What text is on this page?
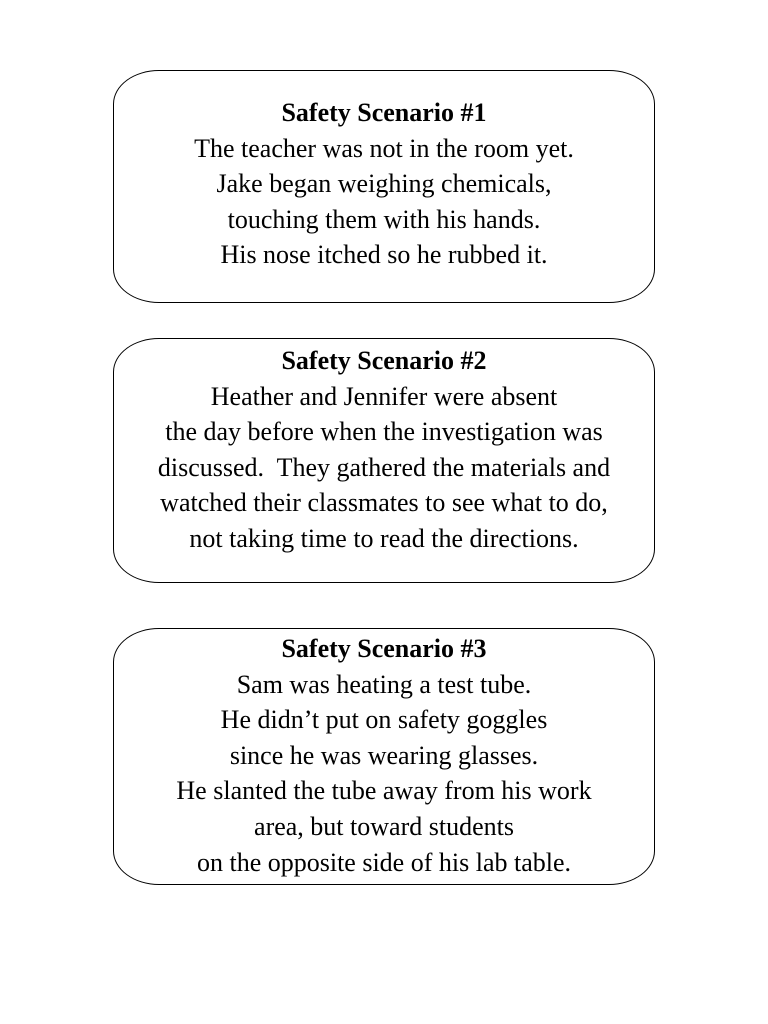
Safety Scenario #1
The teacher was not in the room yet.
Jake began weighing chemicals,
touching them with his hands.
His nose itched so he rubbed it.
Safety Scenario #2
Heather and Jennifer were absent
the day before when the investigation was
discussed.  They gathered the materials and
watched their classmates to see what to do,
not taking time to read the directions.
Safety Scenario #3
Sam was heating a test tube.
He didn’t put on safety goggles
since he was wearing glasses.
He slanted the tube away from his work
area, but toward students
on the opposite side of his lab table.
